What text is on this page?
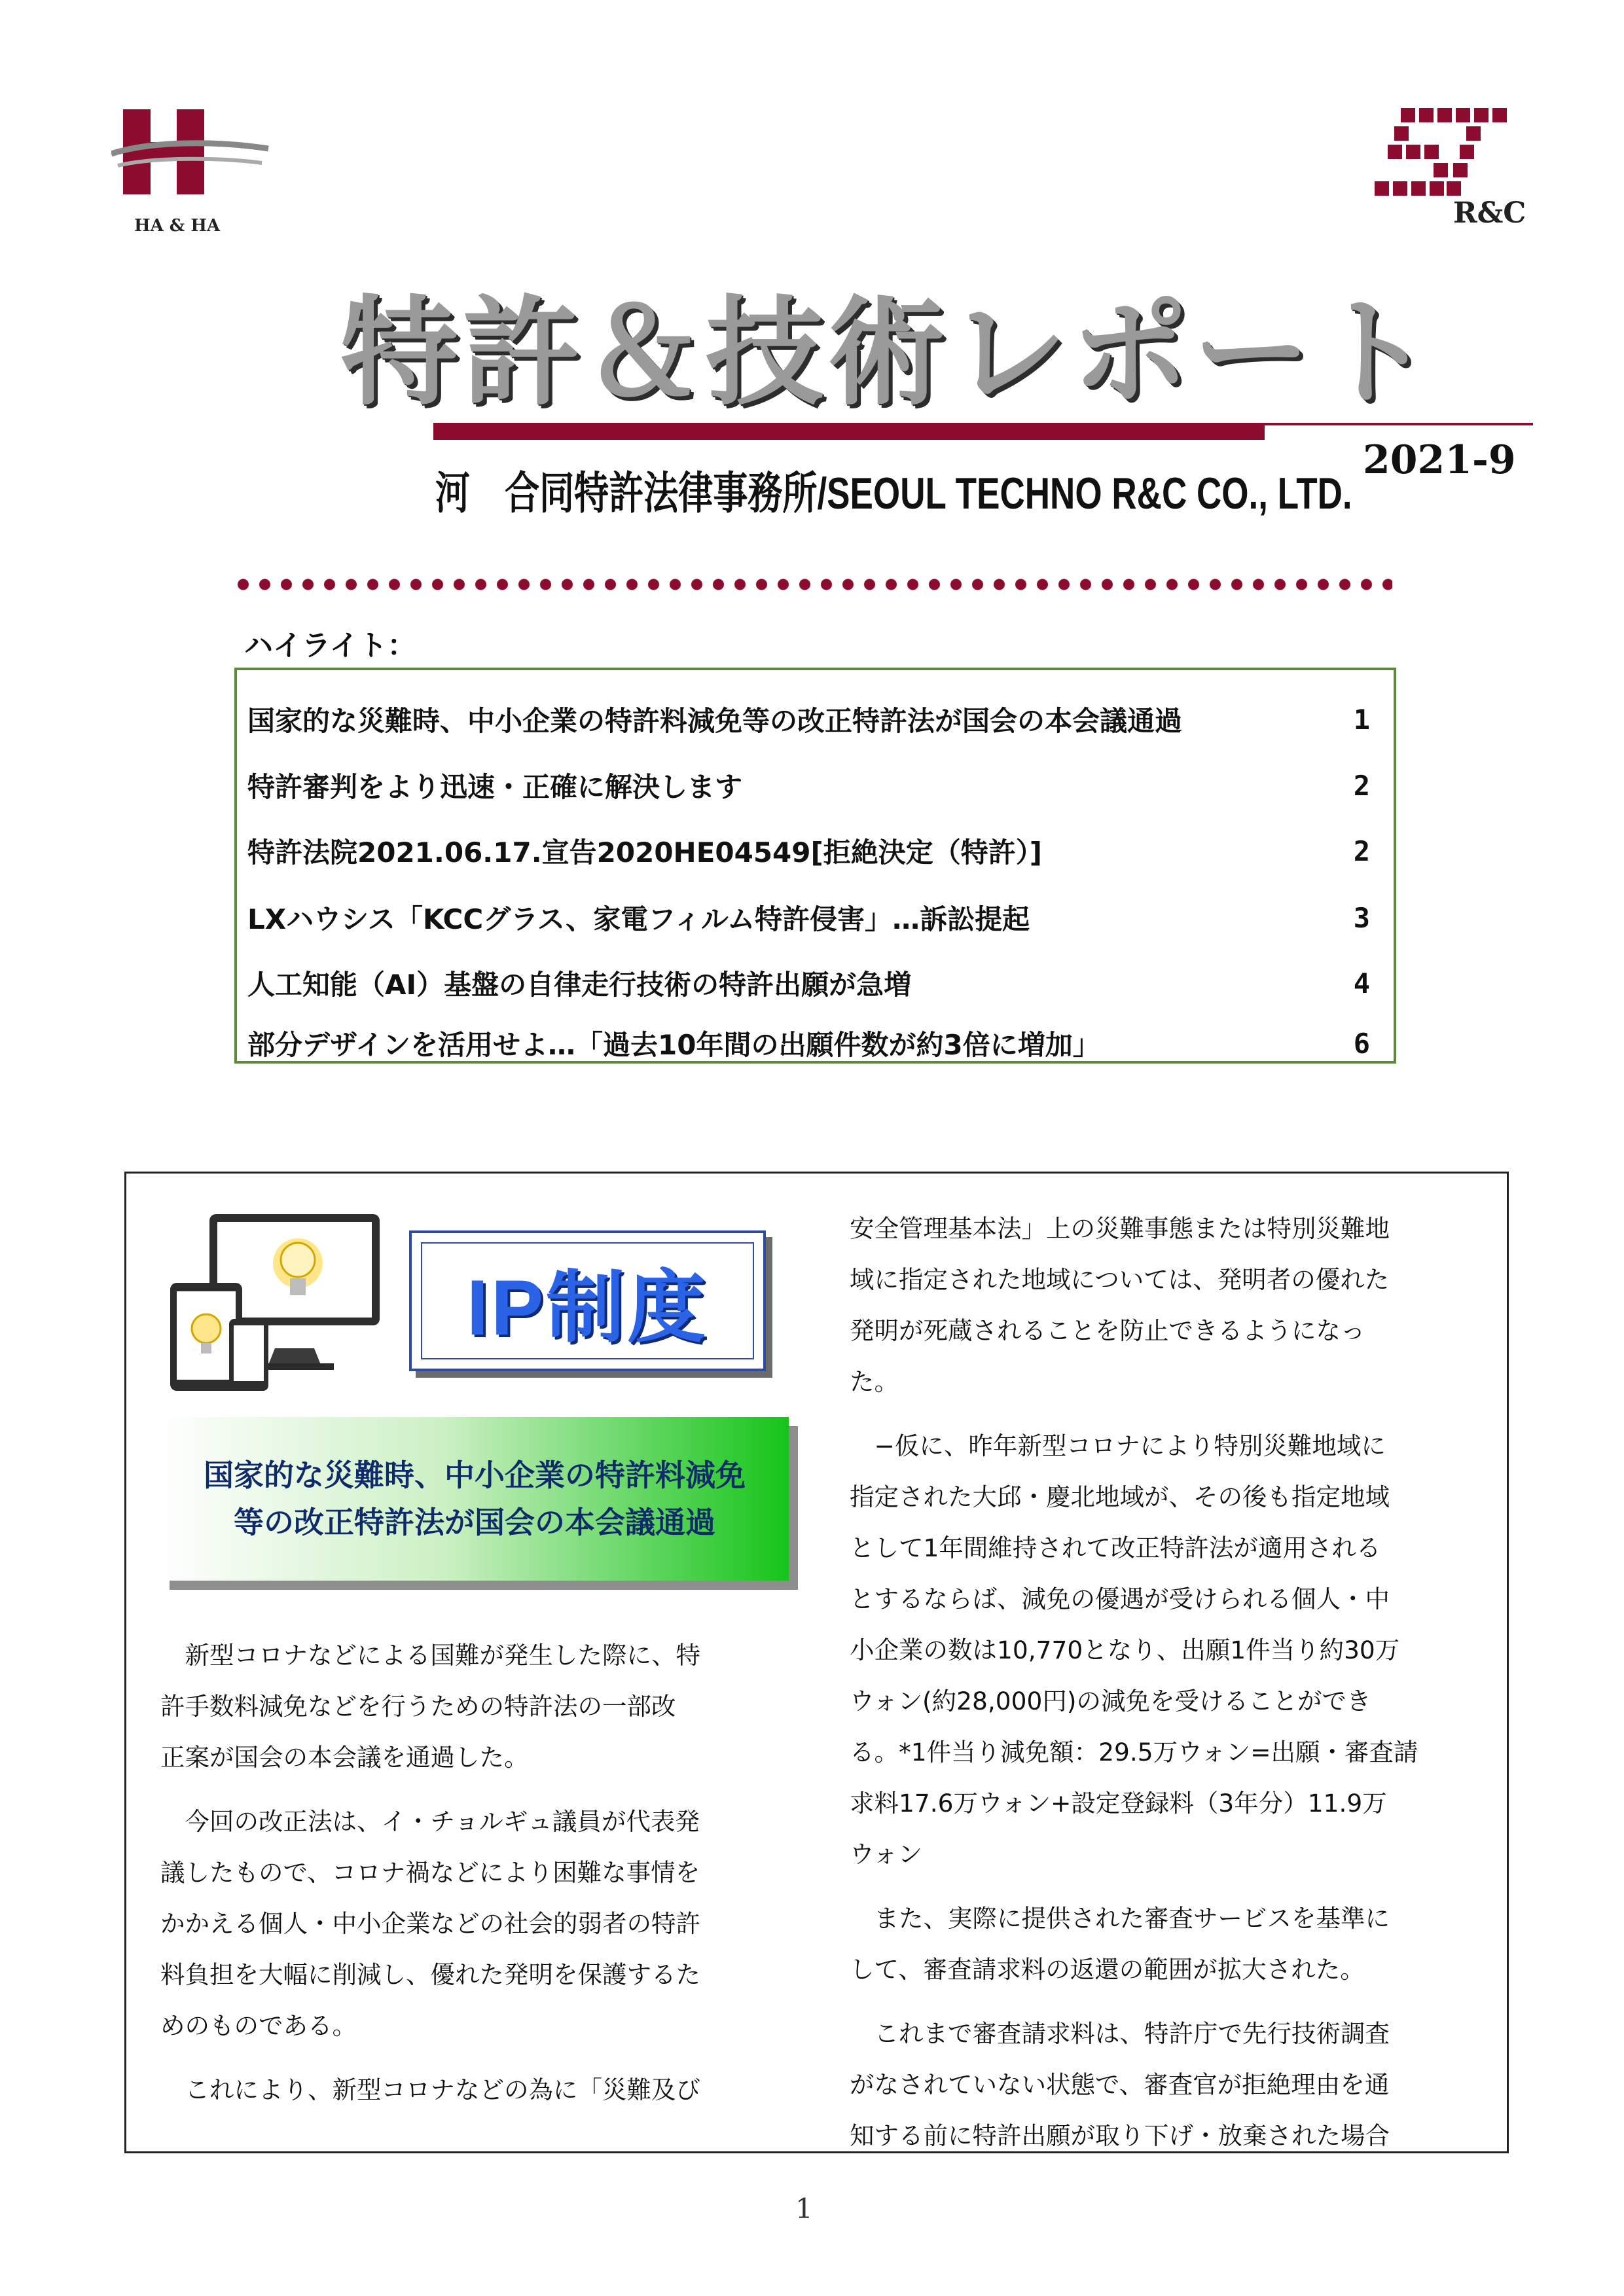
HA & HA	R&C
特許＆技術レポート
河　合同特許法律事務所/SEOUL TECHNO R&C CO., LTD.
2021-9
ハイライト：
国家的な災難時、中小企業の特許料減免等の改正特許法が国会の本会議通過	1
特許審判をより迅速・正確に解決します	2
特許法院2021.06.17.宣告2020HE04549[拒絶決定（特許）]	2
LXハウシス「KCCグラス、家電フィルム特許侵害」…訴訟提起	3
人工知能（AI）基盤の自律走行技術の特許出願が急増	4
部分デザインを活用せよ…「過去10年間の出願件数が約3倍に増加」	6
IP制度
国家的な災難時、中小企業の特許料減免
等の改正特許法が国会の本会議通過

　新型コロナなどによる国難が発生した際に、特

許手数料減免などを行うための特許法の一部改

正案が国会の本会議を通過した。

　今回の改正法は、イ・チョルギュ議員が代表発

議したもので、コロナ禍などにより困難な事情を

かかえる個人・中小企業などの社会的弱者の特許

料負担を大幅に削減し、優れた発明を保護するた

めのものである。

　これにより、新型コロナなどの為に「災難及び

安全管理基本法」上の災難事態または特別災難地

域に指定された地域については、発明者の優れた

発明が死蔵されることを防止できるようになっ

た。

　−仮に、昨年新型コロナにより特別災難地域に

指定された大邱・慶北地域が、その後も指定地域

として1年間維持されて改正特許法が適用される

とするならば、減免の優遇が受けられる個人・中

小企業の数は10,770となり、出願1件当り約30万

ウォン(約28,000円)の減免を受けることができ

る。*1件当り減免額：29.5万ウォン=出願・審査請

求料17.6万ウォン+設定登録料（3年分）11.9万

ウォン

　また、実際に提供された審査サービスを基準に

して、審査請求料の返還の範囲が拡大された。

　これまで審査請求料は、特許庁で先行技術調査

がなされていない状態で、審査官が拒絶理由を通

知する前に特許出願が取り下げ・放棄された場合

1
